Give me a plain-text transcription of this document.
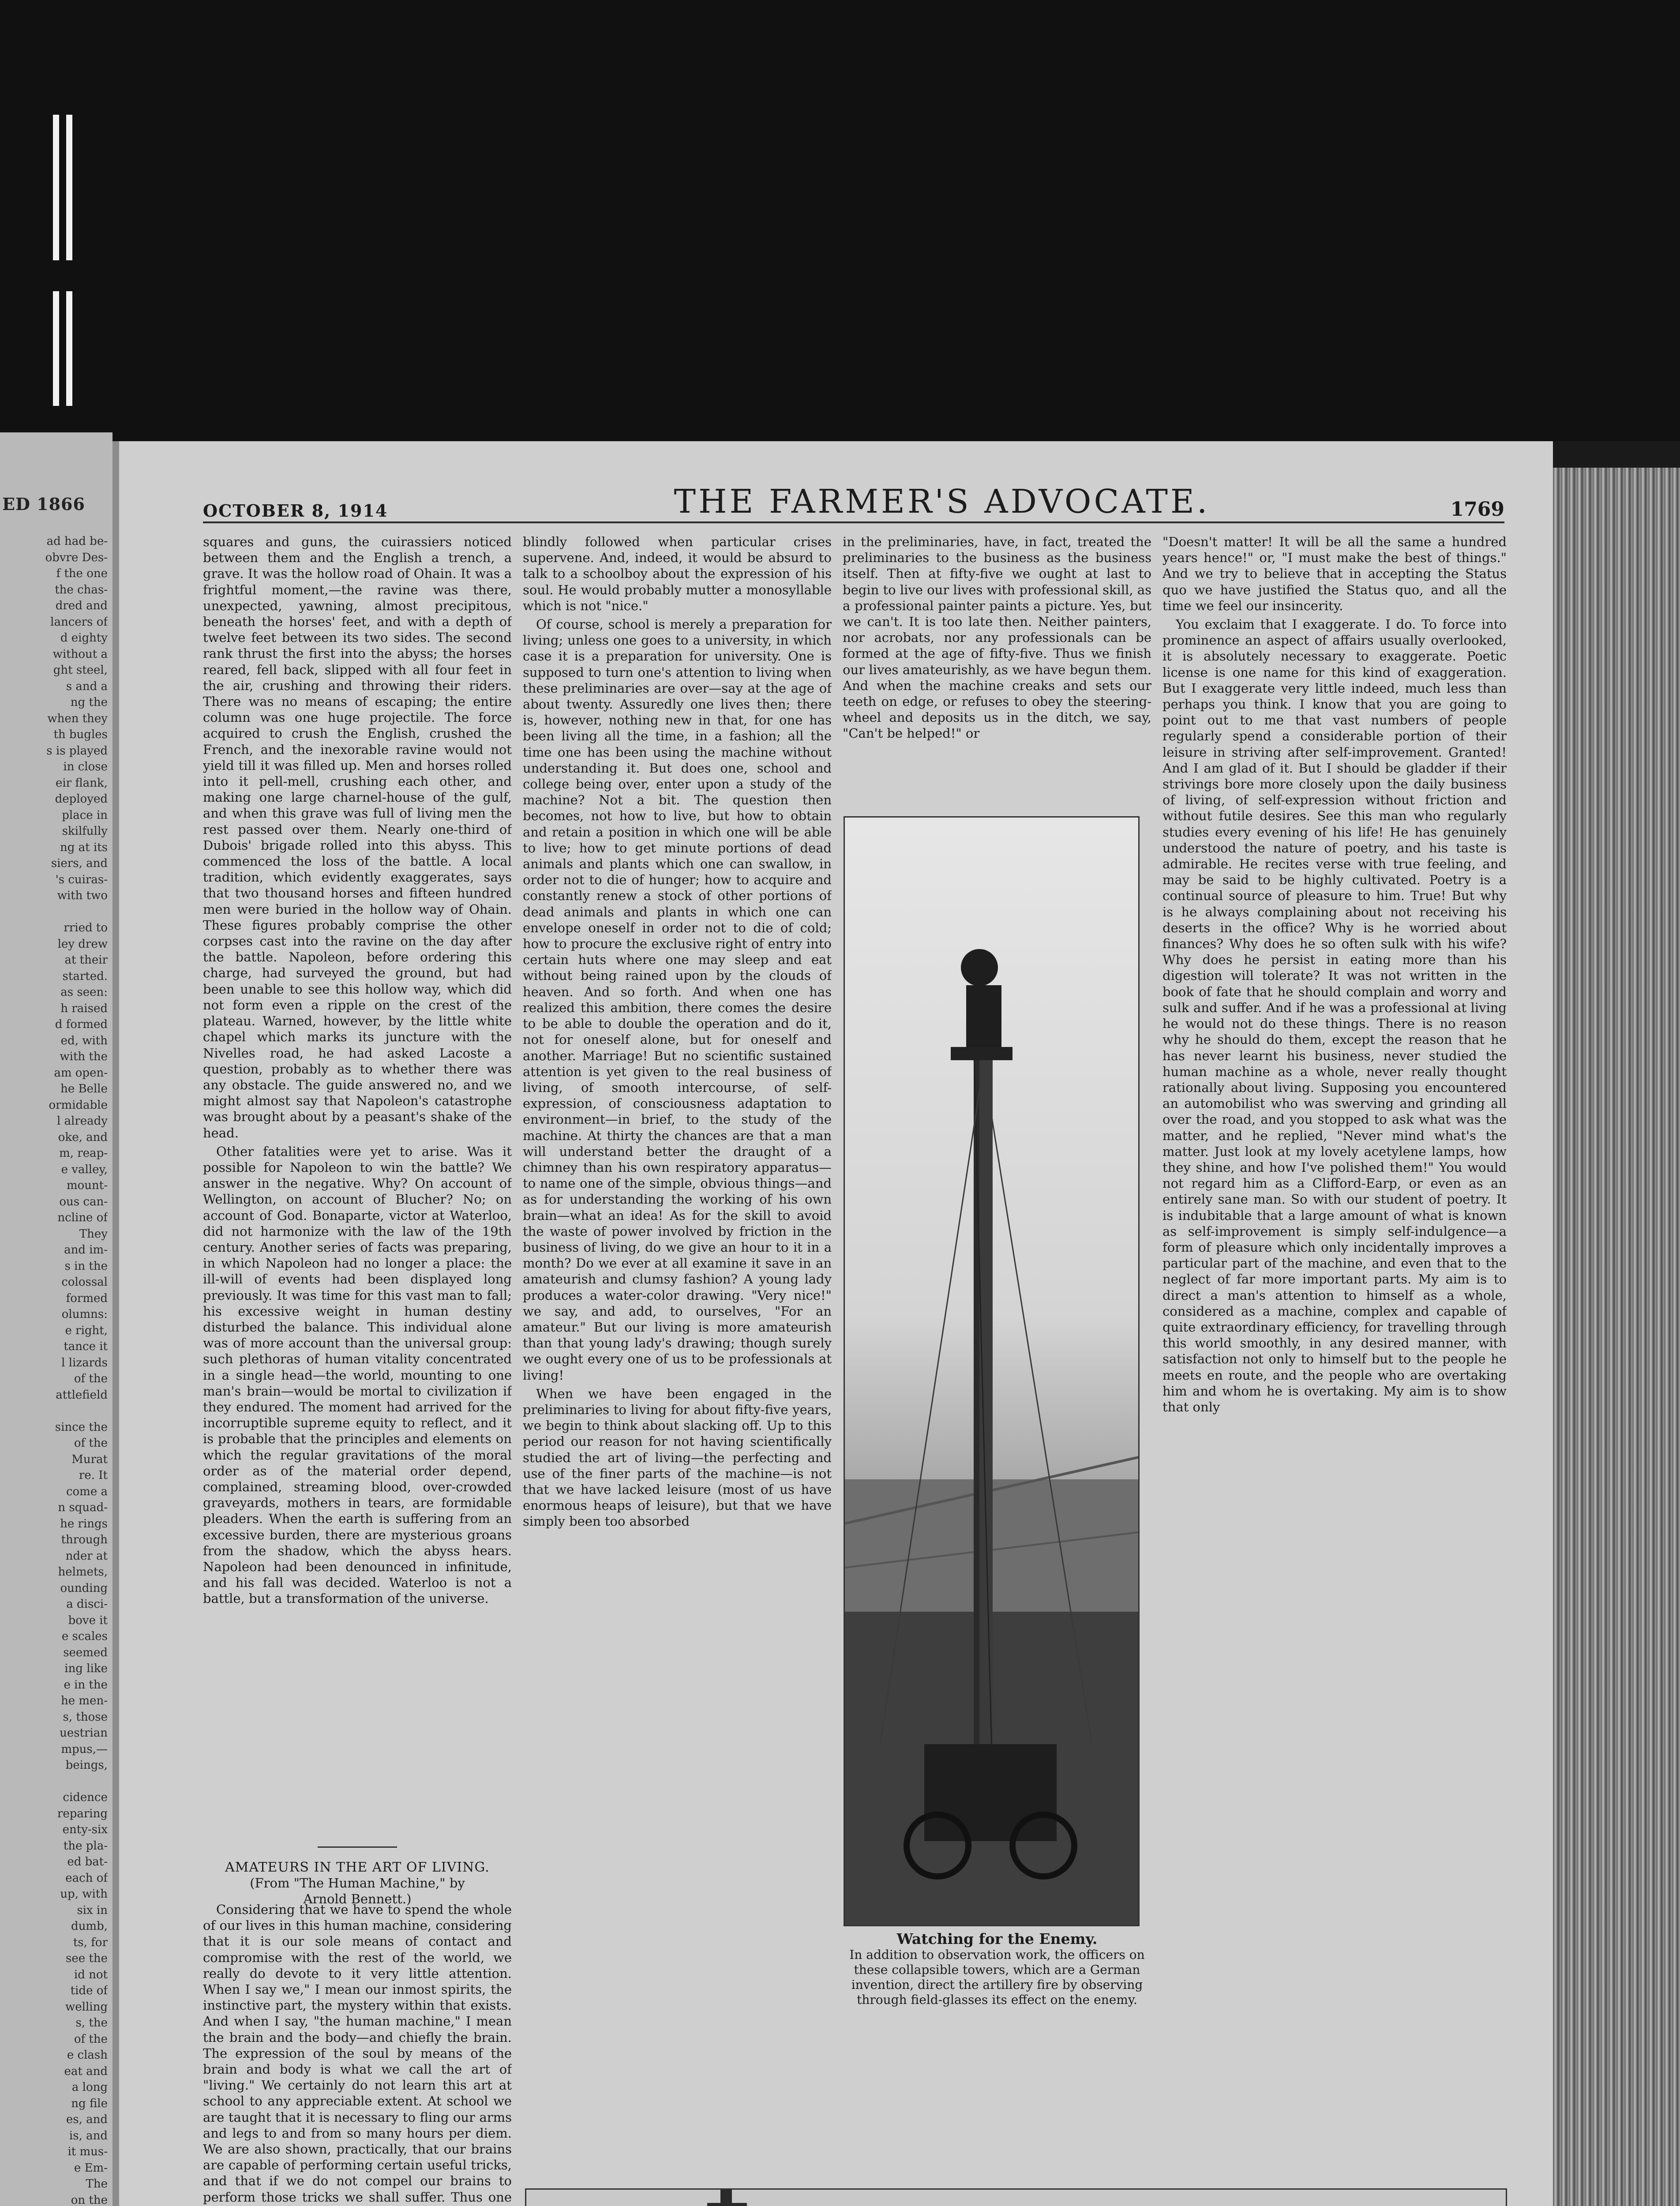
ED 1866
ad had be-
obvre Des-
f the one
the chas-
dred and
lancers of
d eighty
without a
ght steel,
s and a
ng the
when they
th bugles
s is played
in close
eir flank,
deployed
place in
skilfully
ng at its
siers, and
's cuiras-
with two
rried to
ley drew
at their
started.
as seen:
h raised
d formed
ed, with
with the
am open-
he Belle
ormidable
l already
oke, and
m, reap-
e valley,
mount-
ous can-
ncline of
They
and im-
s in the
colossal
formed
olumns:
e right,
tance it
l lizards
of the
attlefield
since the
of the
Murat
re. It
come a
n squad-
he rings
through
nder at
helmets,
ounding
a disci-
bove it
e scales
seemed
ing like
e in the
he men-
s, those
uestrian
mpus,—
beings,
cidence
reparing
enty-six
the pla-
ed bat-
each of
up, with
six in
dumb,
ts, for
see the
id not
tide of
welling
s, the
of the
e clash
eat and
a long
ng file
es, and
is, and
it mus-
e Em-
The
on the
OCTOBER 8, 1914	THE FARMER'S ADVOCATE.	1769

squares and guns, the cuirassiers noticed between them and the English a trench, a grave. It was the hollow road of Ohain. It was a frightful moment,—the ravine was there, unexpected, yawning, almost precipitous, beneath the horses' feet, and with a depth of twelve feet between its two sides. The second rank thrust the first into the abyss; the horses reared, fell back, slipped with all four feet in the air, crushing and throwing their riders. There was no means of escaping; the entire column was one huge projectile. The force acquired to crush the English, crushed the French, and the inexorable ravine would not yield till it was filled up. Men and horses rolled into it pell-mell, crushing each other, and making one large charnel-house of the gulf, and when this grave was full of living men the rest passed over them. Nearly one-third of Dubois' brigade rolled into this abyss. This commenced the loss of the battle. A local tradition, which evidently exaggerates, says that two thousand horses and fifteen hundred men were buried in the hollow way of Ohain. These figures probably comprise the other corpses cast into the ravine on the day after the battle. Napoleon, before ordering this charge, had surveyed the ground, but had been unable to see this hollow way, which did not form even a ripple on the crest of the plateau. Warned, however, by the little white chapel which marks its juncture with the Nivelles road, he had asked Lacoste a question, probably as to whether there was any obstacle. The guide answered no, and we might almost say that Napoleon's catastrophe was brought about by a peasant's shake of the head.

Other fatalities were yet to arise. Was it possible for Napoleon to win the battle? We answer in the negative. Why? On account of Wellington, on account of Blucher? No; on account of God. Bonaparte, victor at Waterloo, did not harmonize with the law of the 19th century. Another series of facts was preparing, in which Napoleon had no longer a place: the ill-will of events had been displayed long previously. It was time for this vast man to fall; his excessive weight in human destiny disturbed the balance. This individual alone was of more account than the universal group: such plethoras of human vitality concentrated in a single head—the world, mounting to one man's brain—would be mortal to civilization if they endured. The moment had arrived for the incorruptible supreme equity to reflect, and it is probable that the principles and elements on which the regular gravitations of the moral order as of the material order depend, complained, streaming blood, over-crowded graveyards, mothers in tears, are formidable pleaders. When the earth is suffering from an excessive burden, there are mysterious groans from the shadow, which the abyss hears. Napoleon had been denounced in infinitude, and his fall was decided. Waterloo is not a battle, but a transformation of the universe.

AMATEURS IN THE ART OF LIVING.
(From "The Human Machine," by
Arnold Bennett.)

Considering that we have to spend the whole of our lives in this human machine, considering that it is our sole means of contact and compromise with the rest of the world, we really do devote to it very little attention. When I say we," I mean our inmost spirits, the instinctive part, the mystery within that exists. And when I say, "the human machine," I mean the brain and the body—and chiefly the brain. The expression of the soul by means of the brain and body is what we call the art of "living." We certainly do not learn this art at school to any appreciable extent. At school we are taught that it is necessary to fling our arms and legs to and from so many hours per diem. We are also shown, practically, that our brains are capable of performing certain useful tricks, and that if we do not compel our brains to perform those tricks we shall suffer. Thus one

blindly followed when particular crises supervene. And, indeed, it would be absurd to talk to a schoolboy about the expression of his soul. He would probably mutter a monosyllable which is not "nice."

Of course, school is merely a preparation for living; unless one goes to a university, in which case it is a preparation for university. One is supposed to turn one's attention to living when these preliminaries are over—say at the age of about twenty. Assuredly one lives then; there is, however, nothing new in that, for one has been living all the time, in a fashion; all the time one has been using the machine without understanding it. But does one, school and college being over, enter upon a study of the machine? Not a bit. The question then becomes, not how to live, but how to obtain and retain a position in which one will be able to live; how to get minute portions of dead animals and plants which one can swallow, in order not to die of hunger; how to acquire and constantly renew a stock of other portions of dead animals and plants in which one can envelope oneself in order not to die of cold; how to procure the exclusive right of entry into certain huts where one may sleep and eat without being rained upon by the clouds of heaven. And so forth. And when one has realized this ambition, there comes the desire to be able to double the operation and do it, not for oneself alone, but for oneself and another. Marriage! But no scientific sustained attention is yet given to the real business of living, of smooth intercourse, of self-expression, of consciousness adaptation to environment—in brief, to the study of the machine. At thirty the chances are that a man will understand better the draught of a chimney than his own respiratory apparatus—to name one of the simple, obvious things—and as for understanding the working of his own brain—what an idea! As for the skill to avoid the waste of power involved by friction in the business of living, do we give an hour to it in a month? Do we ever at all examine it save in an amateurish and clumsy fashion? A young lady produces a water-color drawing. "Very nice!" we say, and add, to ourselves, "For an amateur." But our living is more amateurish than that young lady's drawing; though surely we ought every one of us to be professionals at living!

When we have been engaged in the preliminaries to living for about fifty-five years, we begin to think about slacking off. Up to this period our reason for not having scientifically studied the art of living—the perfecting and use of the finer parts of the machine—is not that we have lacked leisure (most of us have enormous heaps of leisure), but that we have simply been too absorbed

in the preliminaries, have, in fact, treated the preliminaries to the business as the business itself. Then at fifty-five we ought at last to begin to live our lives with professional skill, as a professional painter paints a picture. Yes, but we can't. It is too late then. Neither painters, nor acrobats, nor any professionals can be formed at the age of fifty-five. Thus we finish our lives amateurishly, as we have begun them. And when the machine creaks and sets our teeth on edge, or refuses to obey the steering-wheel and deposits us in the ditch, we say, "Can't be helped!" or

Watching for the Enemy.
In addition to observation work, the officers on these collapsible towers, which are a German invention, direct the artillery fire by observing through field-glasses its effect on the enemy.

"Doesn't matter! It will be all the same a hundred years hence!" or, "I must make the best of things." And we try to believe that in accepting the Status quo we have justified the Status quo, and all the time we feel our insincerity.

You exclaim that I exaggerate. I do. To force into prominence an aspect of affairs usually overlooked, it is absolutely necessary to exaggerate. Poetic license is one name for this kind of exaggeration. But I exaggerate very little indeed, much less than perhaps you think. I know that you are going to point out to me that vast numbers of people regularly spend a considerable portion of their leisure in striving after self-improvement. Granted! And I am glad of it. But I should be gladder if their strivings bore more closely upon the daily business of living, of self-expression without friction and without futile desires. See this man who regularly studies every evening of his life! He has genuinely understood the nature of poetry, and his taste is admirable. He recites verse with true feeling, and may be said to be highly cultivated. Poetry is a continual source of pleasure to him. True! But why is he always complaining about not receiving his deserts in the office? Why is he worried about finances? Why does he so often sulk with his wife? Why does he persist in eating more than his digestion will tolerate? It was not written in the book of fate that he should complain and worry and sulk and suffer. And if he was a professional at living he would not do these things. There is no reason why he should do them, except the reason that he has never learnt his business, never studied the human machine as a whole, never really thought rationally about living. Supposing you encountered an automobilist who was swerving and grinding all over the road, and you stopped to ask what was the matter, and he replied, "Never mind what's the matter. Just look at my lovely acetylene lamps, how they shine, and how I've polished them!" You would not regard him as a Clifford-Earp, or even as an entirely sane man. So with our student of poetry. It is indubitable that a large amount of what is known as self-improvement is simply self-indulgence—a form of pleasure which only incidentally improves a particular part of the machine, and even that to the neglect of far more important parts. My aim is to direct a man's attention to himself as a whole, considered as a machine, complex and capable of quite extraordinary efficiency, for travelling through this world smoothly, in any desired manner, with satisfaction not only to himself but to the people he meets en route, and the people who are overtaking him and whom he is overtaking. My aim is to show that only
